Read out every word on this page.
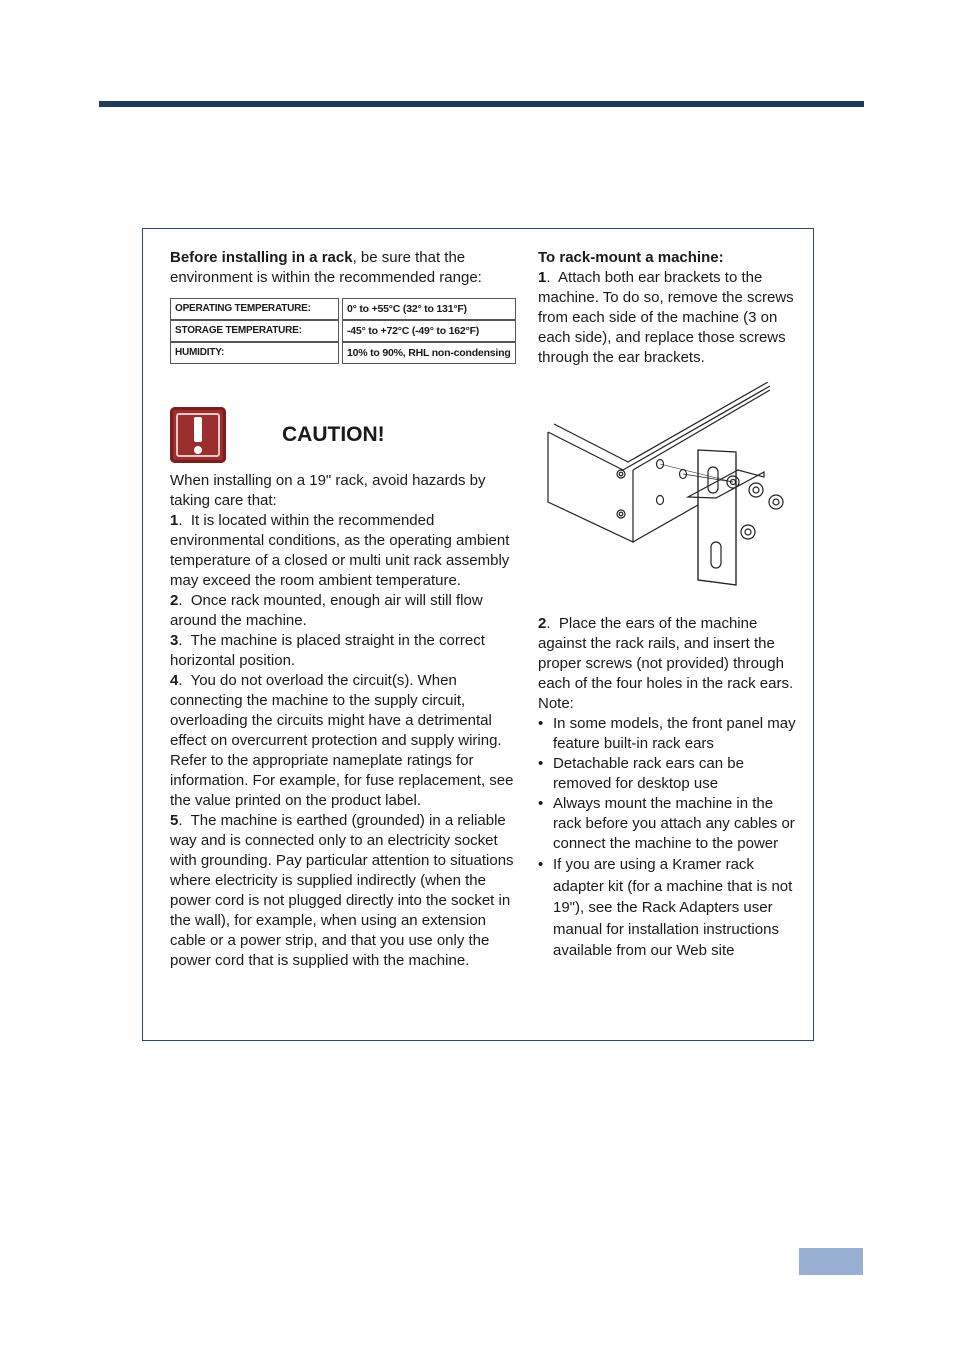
Before installing in a rack, be sure that the environment is within the recommended range:

OPERATING TEMPERATURE:	0° to +55°C (32° to 131°F)
STORAGE TEMPERATURE:	-45° to +72°C (-49° to 162°F)
HUMIDITY:	10% to 90%, RHL non-condensing
CAUTION!

When installing on a 19" rack, avoid hazards by taking care that:

1.  It is located within the recommended environmental conditions, as the operating ambient temperature of a closed or multi unit rack assembly may exceed the room ambient temperature.

2.  Once rack mounted, enough air will still flow around the machine.

3.  The machine is placed straight in the correct horizontal position.

4.  You do not overload the circuit(s). When connecting the machine to the supply circuit, overloading the circuits might have a detrimental effect on overcurrent protection and supply wiring. Refer to the appropriate nameplate ratings for information. For example, for fuse replacement, see the value printed on the product label.

5.  The machine is earthed (grounded) in a reliable way and is connected only to an electricity socket with grounding. Pay particular attention to situations where electricity is supplied indirectly (when the power cord is not plugged directly into the socket in the wall), for example, when using an extension cable or a power strip, and that you use only the power cord that is supplied with the machine.

To rack-mount a machine:

1.  Attach both ear brackets to the machine. To do so, remove the screws from each side of the machine (3 on each side), and replace those screws through the ear brackets.

2.  Place the ears of the machine against the rack rails, and insert the proper screws (not provided) through each of the four holes in the rack ears.

Note:

• In some models, the front panel may feature built-in rack ears

• Detachable rack ears can be removed for desktop use

• Always mount the machine in the rack before you attach any cables or connect the machine to the power

• If you are using a Kramer rack adapter kit (for a machine that is not 19"), see the Rack Adapters user manual for installation instructions available from our Web site
